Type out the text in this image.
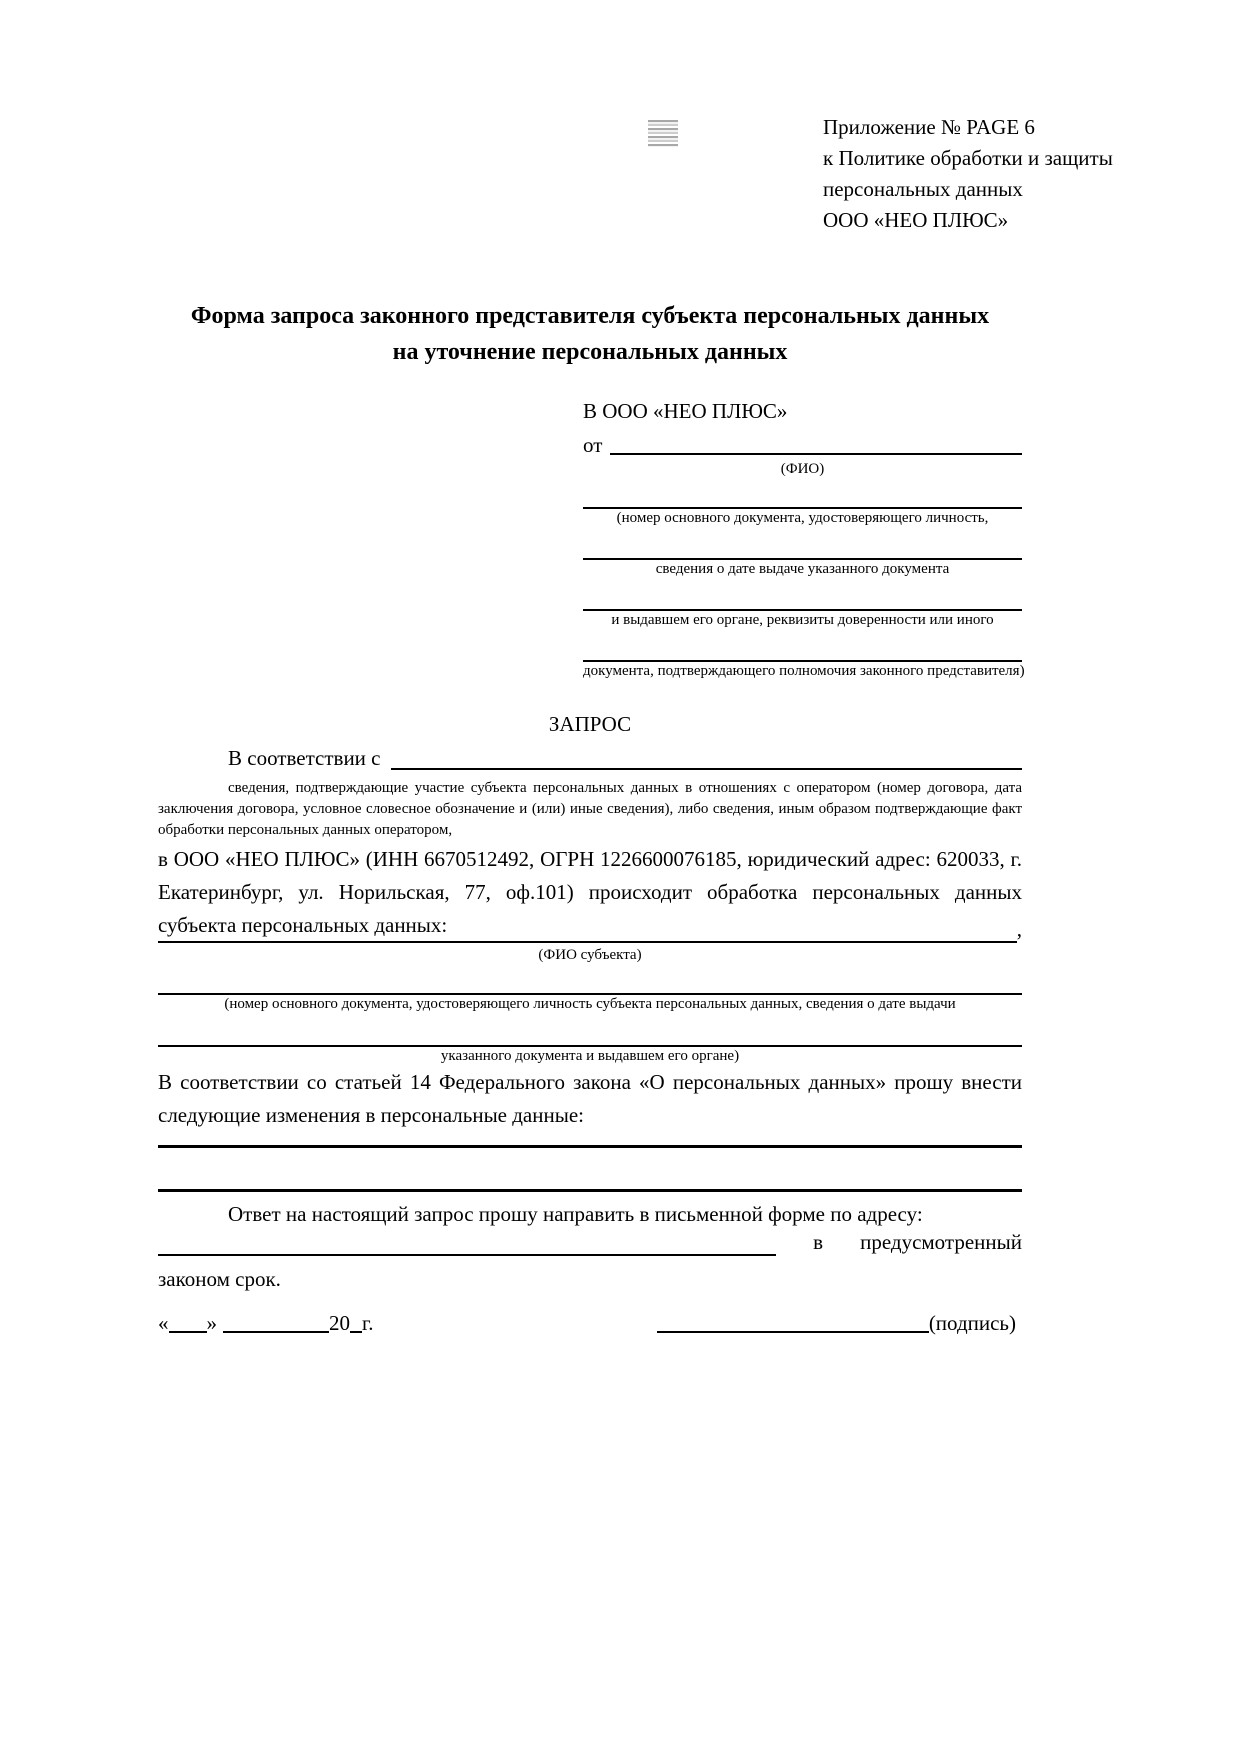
Приложение № PAGE 6
к Политике обработки и защиты
персональных данных
ООО «НЕО ПЛЮС»
Форма запроса законного представителя субъекта персональных данных
на уточнение персональных данных
В ООО «НЕО ПЛЮС»
от
(ФИО)
(номер основного документа, удостоверяющего личность,
сведения о дате выдаче указанного документа
и выдавшем его органе, реквизиты доверенности или иного
документа, подтверждающего полномочия законного представителя)
ЗАПРОС
В соответствии с
сведения, подтверждающие участие субъекта персональных данных в отношениях с оператором (номер договора, дата заключения договора, условное словесное обозначение и (или) иные сведения), либо сведения, иным образом подтверждающие факт обработки персональных данных оператором,
в ООО «НЕО ПЛЮС» (ИНН 6670512492, ОГРН 1226600076185, юридический адрес: 620033, г. Екатеринбург, ул. Норильская, 77, оф.101) происходит обработка персональных данных субъекта персональных данных:	,
(ФИО субъекта)
(номер основного документа, удостоверяющего личность субъекта персональных данных, сведения о дате выдачи
указанного документа и выдавшем его органе)
В соответствии со статьей 14 Федерального закона «О персональных данных» прошу внести следующие изменения в персональные данные:
Ответ на настоящий запрос прошу направить в письменной форме по адресу:
в предусмотренный
законом срок.
« »	20 г.	(подпись)
